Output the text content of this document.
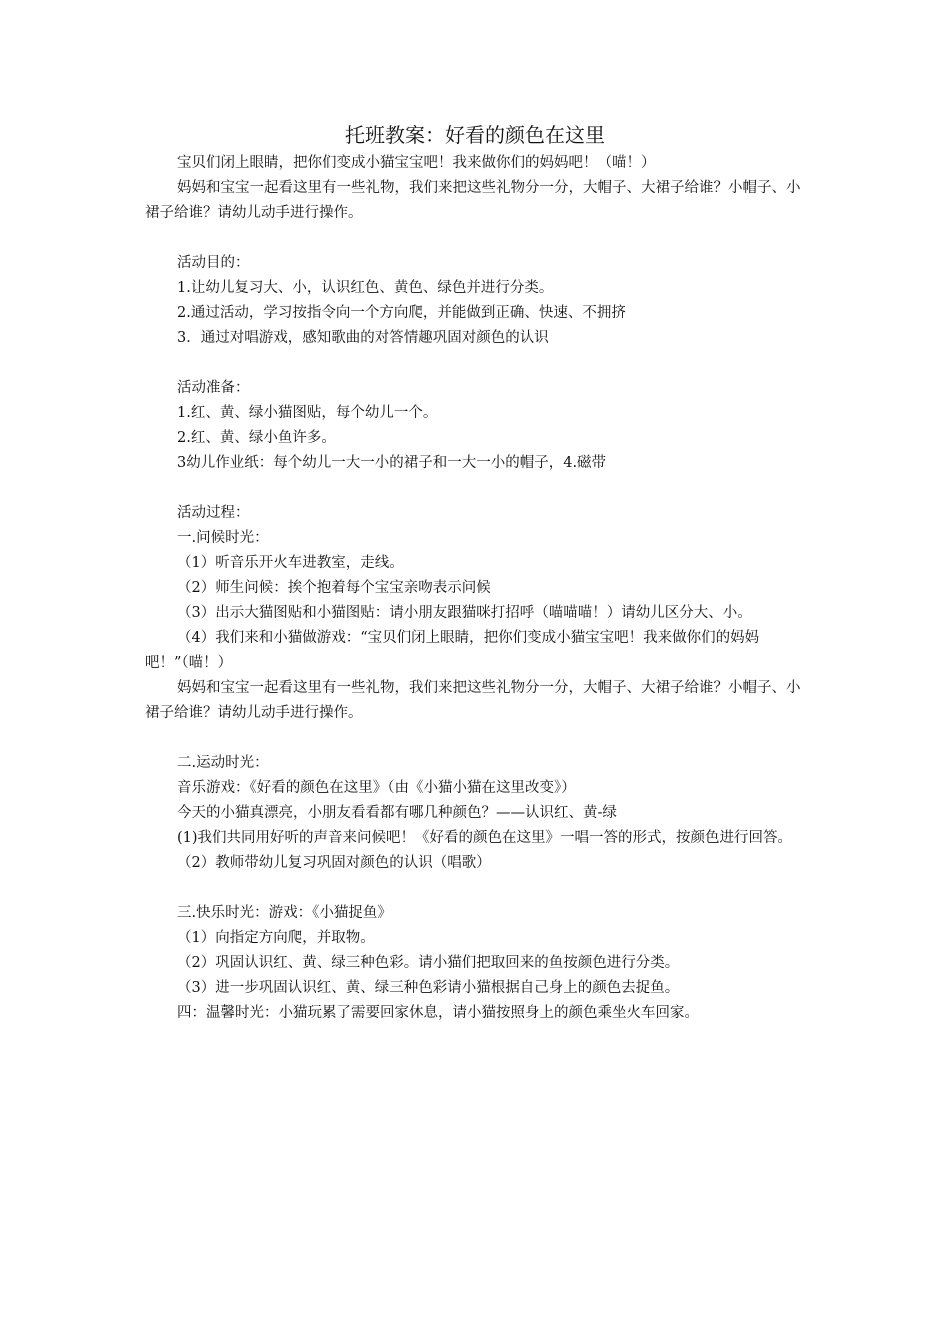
托班教案：好看的颜色在这里

宝贝们闭上眼睛，把你们变成小猫宝宝吧！我来做你们的妈妈吧！（喵！）

妈妈和宝宝一起看这里有一些礼物，我们来把这些礼物分一分，大帽子、大裙子给谁？小帽子、小裙子给谁？请幼儿动手进行操作。

活动目的：

1.让幼儿复习大、小，认识红色、黄色、绿色并进行分类。

2.通过活动，学习按指令向一个方向爬，并能做到正确、快速、不拥挤

3．通过对唱游戏，感知歌曲的对答情趣巩固对颜色的认识

活动准备：

1.红、黄、绿小猫图贴，每个幼儿一个。

2.红、黄、绿小鱼许多。

3幼儿作业纸：每个幼儿一大一小的裙子和一大一小的帽子，4.磁带

活动过程：

一.问候时光：

（1）听音乐开火车进教室，走线。

（2）师生问候：挨个抱着每个宝宝亲吻表示问候

（3）出示大猫图贴和小猫图贴：请小朋友跟猫咪打招呼（喵喵喵！）请幼儿区分大、小。

（4）我们来和小猫做游戏：“宝贝们闭上眼睛，把你们变成小猫宝宝吧！我来做你们的妈妈吧！”（喵！）

妈妈和宝宝一起看这里有一些礼物，我们来把这些礼物分一分，大帽子、大裙子给谁？小帽子、小裙子给谁？请幼儿动手进行操作。

二.运动时光：

音乐游戏：《好看的颜色在这里》（由《小猫小猫在这里改变》）

今天的小猫真漂亮，小朋友看看都有哪几种颜色？——认识红、黄-绿

(1)我们共同用好听的声音来问候吧！《好看的颜色在这里》一唱一答的形式，按颜色进行回答。

（2）教师带幼儿复习巩固对颜色的认识（唱歌）

三.快乐时光：游戏：《小猫捉鱼》

（1）向指定方向爬，并取物。

（2）巩固认识红、黄、绿三种色彩。请小猫们把取回来的鱼按颜色进行分类。

（3）进一步巩固认识红、黄、绿三种色彩请小猫根据自己身上的颜色去捉鱼。

四：温馨时光：小猫玩累了需要回家休息，请小猫按照身上的颜色乘坐火车回家。
